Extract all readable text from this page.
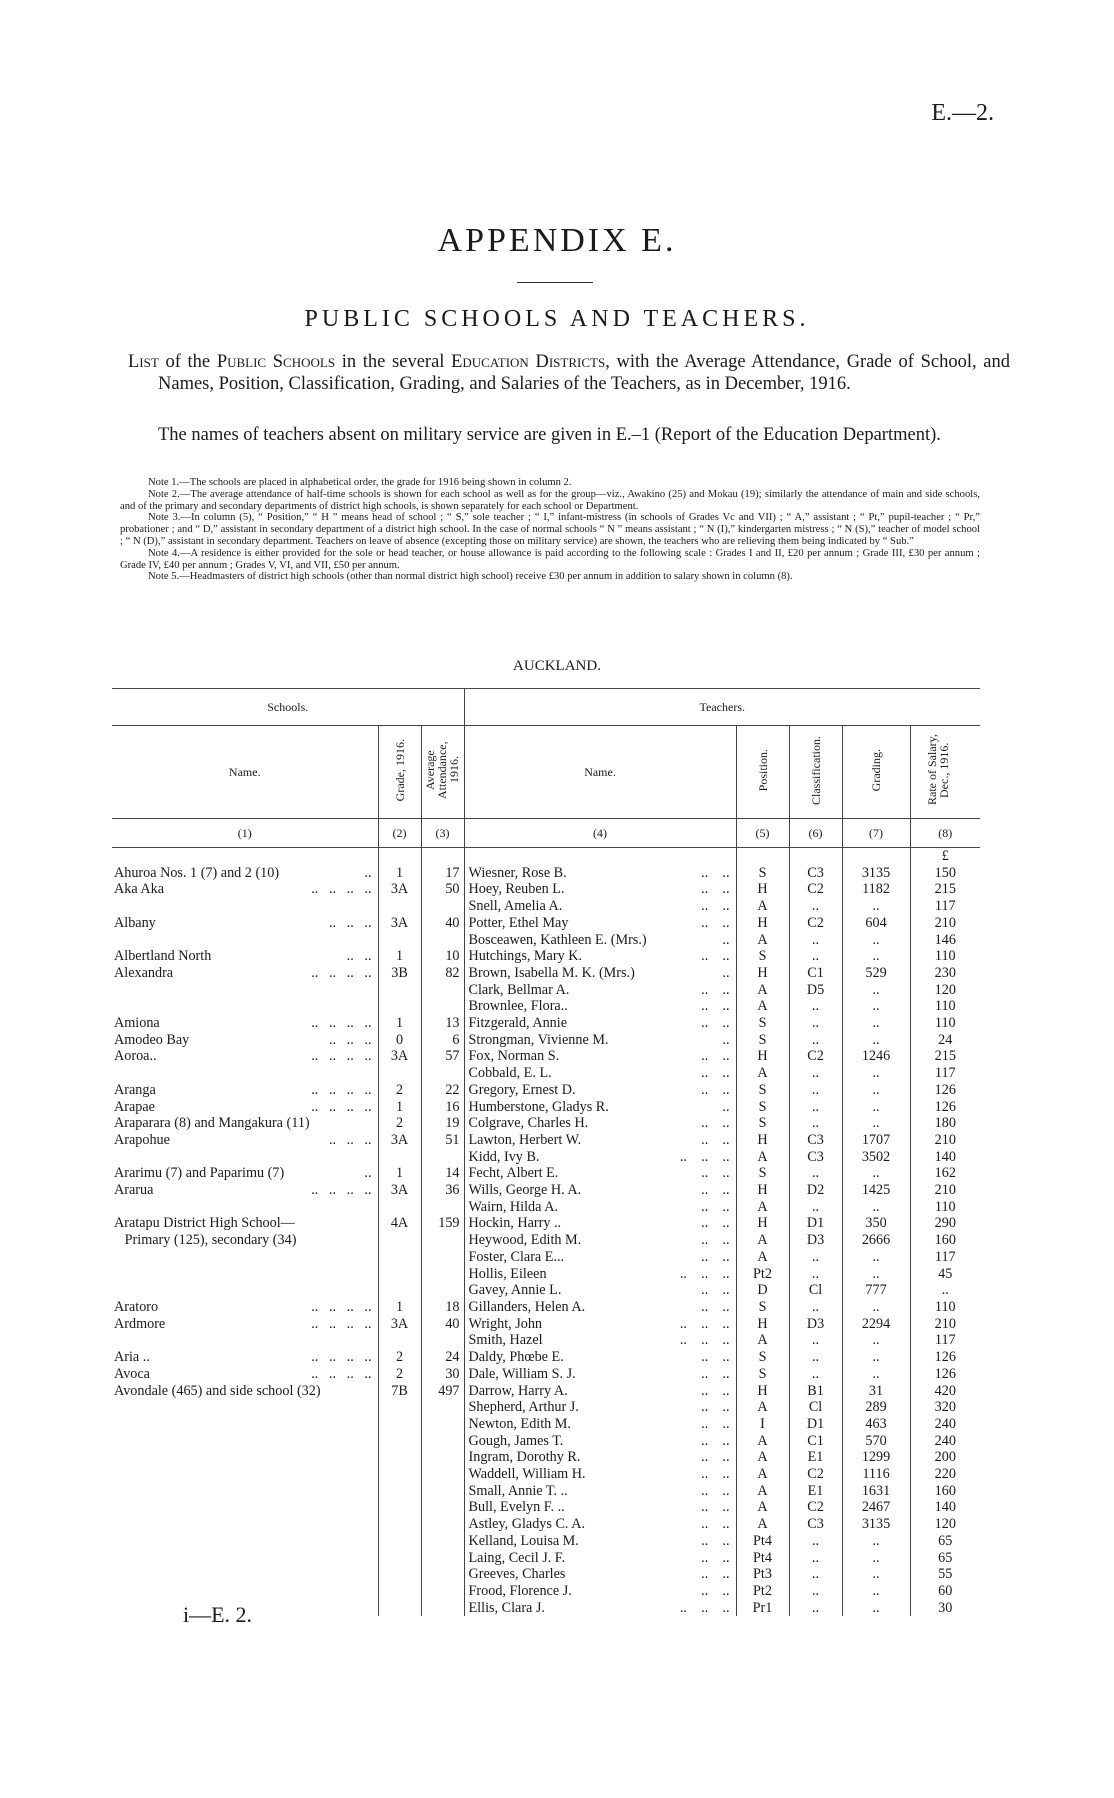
E.—2.
APPENDIX E.
PUBLIC SCHOOLS AND TEACHERS.
List of the Public Schools in the several Education Districts, with the Average Attendance, Grade of School, and Names, Position, Classification, Grading, and Salaries of the Teachers, as in December, 1916.
The names of teachers absent on military service are given in E.–1 (Report of the Education Department).

Note 1.—The schools are placed in alphabetical order, the grade for 1916 being shown in column 2.

Note 2.—The average attendance of half-time schools is shown for each school as well as for the group—viz., Awakino (25) and Mokau (19); similarly the attendance of main and side schools, and of the primary and secondary departments of district high schools, is shown separately for each school or Department.

Note 3.—In column (5), “ Position,” “ H ” means head of school ; “ S,” sole teacher ; “ I,” infant-mistress (in schools of Grades Vc and VII) ; “ A,” assistant ; “ Pt,” pupil-teacher ; “ Pr,” probationer ; and “ D,” assistant in secondary department of a district high school. In the case of normal schools “ N ” means assistant ; “ N (I),” kindergarten mistress ; “ N (S),” teacher of model school ; “ N (D),” assistant in secondary department. Teachers on leave of absence (excepting those on military service) are shown, the teachers who are relieving them being indicated by “ Sub.”

Note 4.—A residence is either provided for the sole or head teacher, or house allowance is paid according to the following scale : Grades I and II, £20 per annum ; Grade III, £30 per annum ; Grade IV, £40 per annum ; Grades V, VI, and VII, £50 per annum.

Note 5.—Headmasters of district high schools (other than normal district high school) receive £30 per annum in addition to salary shown in column (8).

AUCKLAND.
Schools.			Teachers.				
Name.	Grade, 1916.	Average Attendance, 1916.	Name.	Position.	Classification.	Grading.	Rate of Salary, Dec., 1916.
(1)	(2)	(3)	(4)	(5)	(6)	(7)	(8)
							£
Ahuroa Nos. 1 (7) and 2 (10) ..	1	17	Wiesner, Rose B. ..    ..	S	C3	3135	150
Aka Aka ..   ..   ..   ..	3A	50	Hoey, Reuben L. ..    ..	H	C2	1182	215

			Snell, Amelia A. ..    ..	A	..	..	117
Albany ..   ..   ..	3A	40	Potter, Ethel May ..    ..	H	C2	604	210

			Bosceawen, Kathleen E. (Mrs.) ..	A	..	..	146
Albertland North ..   ..	1	10	Hutchings, Mary K. ..    ..	S	..	..	110
Alexandra ..   ..   ..   ..	3B	82	Brown, Isabella M. K. (Mrs.) ..	H	C1	529	230

			Clark, Bellmar A. ..    ..	A	D5	..	120

			Brownlee, Flora.. ..    ..	A	..	..	110
Amiona ..   ..   ..   ..	1	13	Fitzgerald, Annie ..    ..	S	..	..	110
Amodeo Bay ..   ..   ..	0	6	Strongman, Vivienne M. ..	S	..	..	24
Aoroa.. ..   ..   ..   ..	3A	57	Fox, Norman S. ..    ..	H	C2	1246	215

			Cobbald, E. L. ..    ..	A	..	..	117
Aranga ..   ..   ..   ..	2	22	Gregory, Ernest D. ..    ..	S	..	..	126
Arapae ..   ..   ..   ..	1	16	Humberstone, Gladys R. ..	S	..	..	126
Araparara (8) and Mangakura (11)	2	19	Colgrave, Charles H. ..    ..	S	..	..	180
Arapohue ..   ..   ..	3A	51	Lawton, Herbert W. ..    ..	H	C3	1707	210

			Kidd, Ivy B. ..    ..    ..	A	C3	3502	140
Ararimu (7) and Paparimu (7) ..	1	14	Fecht, Albert E. ..    ..	S	..	..	162
Ararua ..   ..   ..   ..	3A	36	Wills, George H. A. ..    ..	H	D2	1425	210

			Wairn, Hilda A. ..    ..	A	..	..	110
Aratapu District High School—	4A	159	Hockin, Harry .. ..    ..	H	D1	350	290
Primary (125), secondary (34)			Heywood, Edith M. ..    ..	A	D3	2666	160

			Foster, Clara E... ..    ..	A	..	..	117

			Hollis, Eileen ..    ..    ..	Pt2	..	..	45

			Gavey, Annie L. ..    ..	D	Cl	777	..
Aratoro ..   ..   ..   ..	1	18	Gillanders, Helen A. ..    ..	S	..	..	110
Ardmore ..   ..   ..   ..	3A	40	Wright, John ..    ..    ..	H	D3	2294	210

			Smith, Hazel ..    ..    ..	A	..	..	117
Aria .. ..   ..   ..   ..	2	24	Daldy, Phœbe E. ..    ..	S	..	..	126
Avoca ..   ..   ..   ..	2	30	Dale, William S. J. ..    ..	S	..	..	126
Avondale (465) and side school (32)	7B	497	Darrow, Harry A. ..    ..	H	B1	31	420

			Shepherd, Arthur J. ..    ..	A	Cl	289	320

			Newton, Edith M. ..    ..	I	D1	463	240

			Gough, James T. ..    ..	A	C1	570	240

			Ingram, Dorothy R. ..    ..	A	E1	1299	200

			Waddell, William H. ..    ..	A	C2	1116	220

			Small, Annie T. .. ..    ..	A	E1	1631	160

			Bull, Evelyn F. .. ..    ..	A	C2	2467	140

			Astley, Gladys C. A. ..    ..	A	C3	3135	120

			Kelland, Louisa M. ..    ..	Pt4	..	..	65

			Laing, Cecil J. F. ..    ..	Pt4	..	..	65

			Greeves, Charles ..    ..	Pt3	..	..	55

			Frood, Florence J. ..    ..	Pt2	..	..	60

			Ellis, Clara J. ..    ..    ..	Pr1	..	..	30
i—E. 2.
